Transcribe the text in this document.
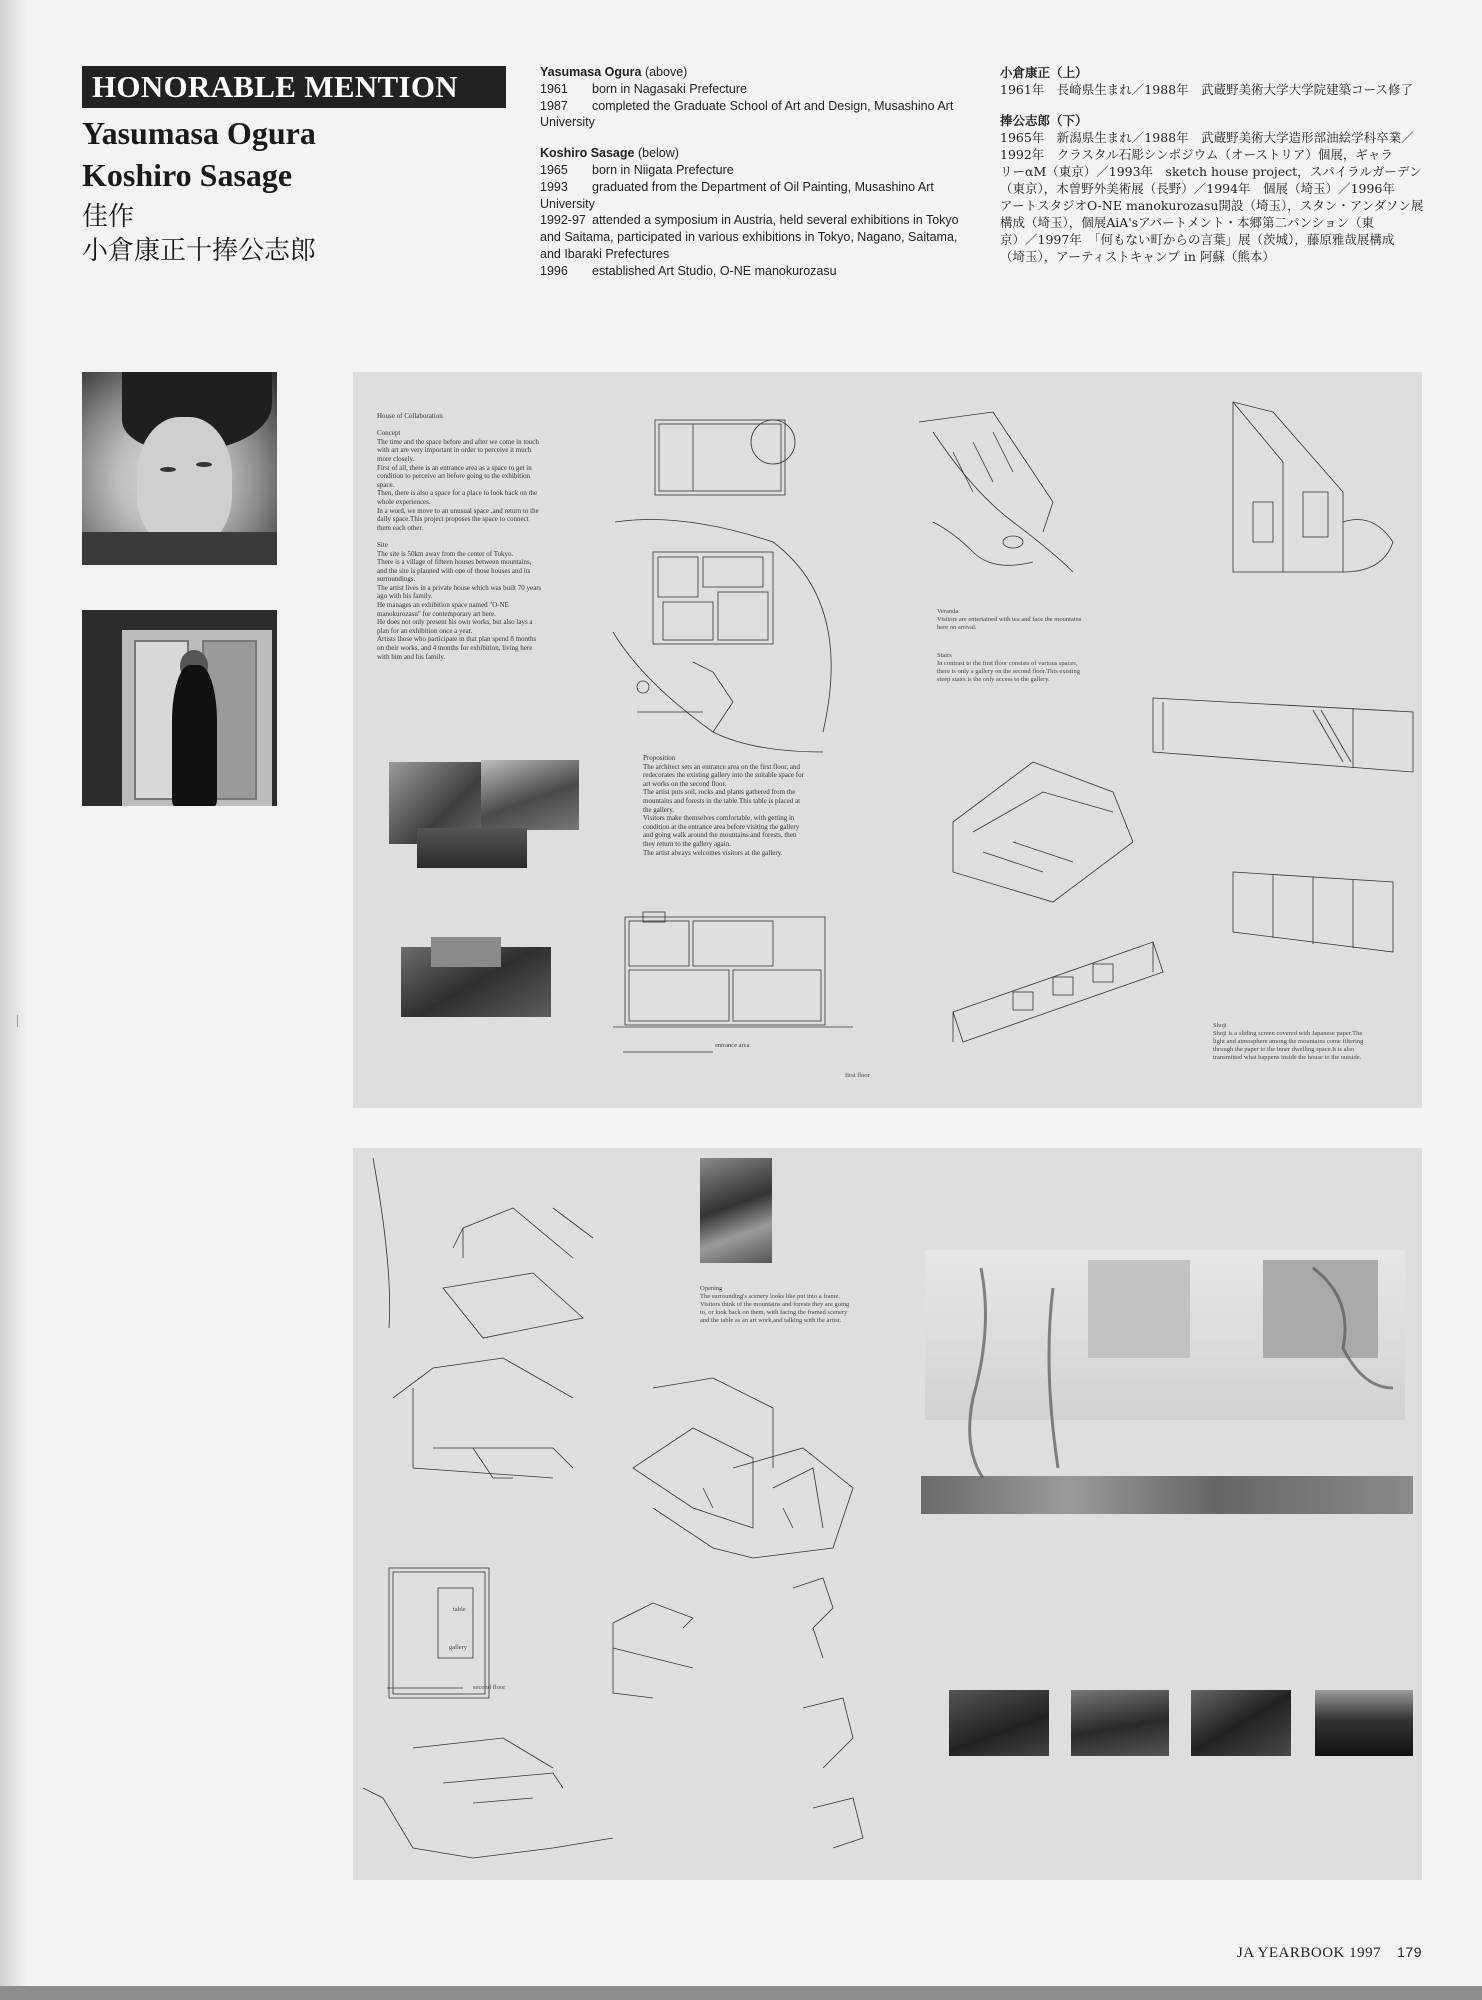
HONORABLE MENTION
Yasumasa Ogura
Koshiro Sasage
佳作
小倉康正十捧公志郎
Yasumasa Ogura (above)
1961	born in Nagasaki Prefecture
1987	completed the Graduate School of Art and Design, Musashino Art
University
Koshiro Sasage (below)
1965	born in Niigata Prefecture
1993	graduated from the Department of Oil Painting, Musashino Art
University
1992-97 attended a symposium in Austria, held several exhibitions in Tokyo
and Saitama, participated in various exhibitions in Tokyo, Nagano, Saitama,
and Ibaraki Prefectures
1996	established Art Studio, O-NE manokurozasu
小倉康正（上）
1961年　長崎県生まれ／1988年　武蔵野美術大学大学院建築コース修了
捧公志郎（下）
1965年　新潟県生まれ／1988年　武蔵野美術大学造形部油絵学科卒業／
1992年　クラスタル石彫シンポジウム（オーストリア）個展，ギャラ
リーαM（東京）／1993年　sketch house project，スパイラルガーデン
（東京），木曽野外美術展（長野）／1994年　個展（埼玉）／1996年
アートスタジオO-NE manokurozasu開設（埼玉），スタン・アンダソン展
構成（埼玉），個展AiA'sアパートメント・本郷第二パンション（東
京）／1997年　「何もない町からの言葉」展（茨城），藤原雅哉展構成
（埼玉），アーティストキャンプ in 阿蘇（熊本）
House of Collaboration

Concept
The time and the space before and after we come in touch
with art are very important in order to perceive it much
more closely.
First of all, there is an entrance area as a space to get in
condition to perceive art before going to the exhibition
space.
Then, there is also a space for a place to look back on the
whole experiences.
In a word, we move to an unusual space ,and return to the
daily space.This project proposes the space to connect
them each other.

Site
The site is 50km away from the center of Tokyo.
There is a village of fifteen houses between mountains,
and the site is planned with one of those houses and its
surroundings.
The artist lives in a private house which was built 70 years
ago with his family.
He manages an exhibition space named "O-NE
manokurozasu" for contemporary art here.
He does not only present his own works, but also lays a
plan for an exhibition once a year.
Artists those who participate in that plan spend 8 months
on their works, and 4 months for exhibition, living here
with him and his family.
Proposition
The architect sets an entrance area on the first floor, and
redecorates the existing gallery into the suitable space for
art works on the second floor.
The artist puts soil, rocks and plants gathered from the
mountains and forests in the table.This table is placed at
the gallery.
Visitors make themselves comfortable, with getting in
condition at the entrance area before visiting the gallery
and going walk around the mountains and forests, then
they return to the gallery again.
The artist always welcomes visitors at the gallery.
Veranda
Visitors are entertained with tea and face the mountains
here on arrival.
Stairs
In contrast to the first floor consists of various spaces,
there is only a gallery on the second floor.This existing
steep stairs is the only access to the gallery.
Shoji
Shoji is a sliding screen covered with Japanese paper.The
light and atmosphere among the mountains come filtering
through the paper to the inner dwelling space.It is also
transmitted what happens inside the house to the outside.
entrance area
first floor
Opening
The surrounding's scenery looks like put into a frame.
Visitors think of the mountains and forests they are going
to, or look back on them, with facing the framed scenery
and the table as an art work,and talking with the artist.
table
gallery
second floor
JA YEARBOOK 1997 179
